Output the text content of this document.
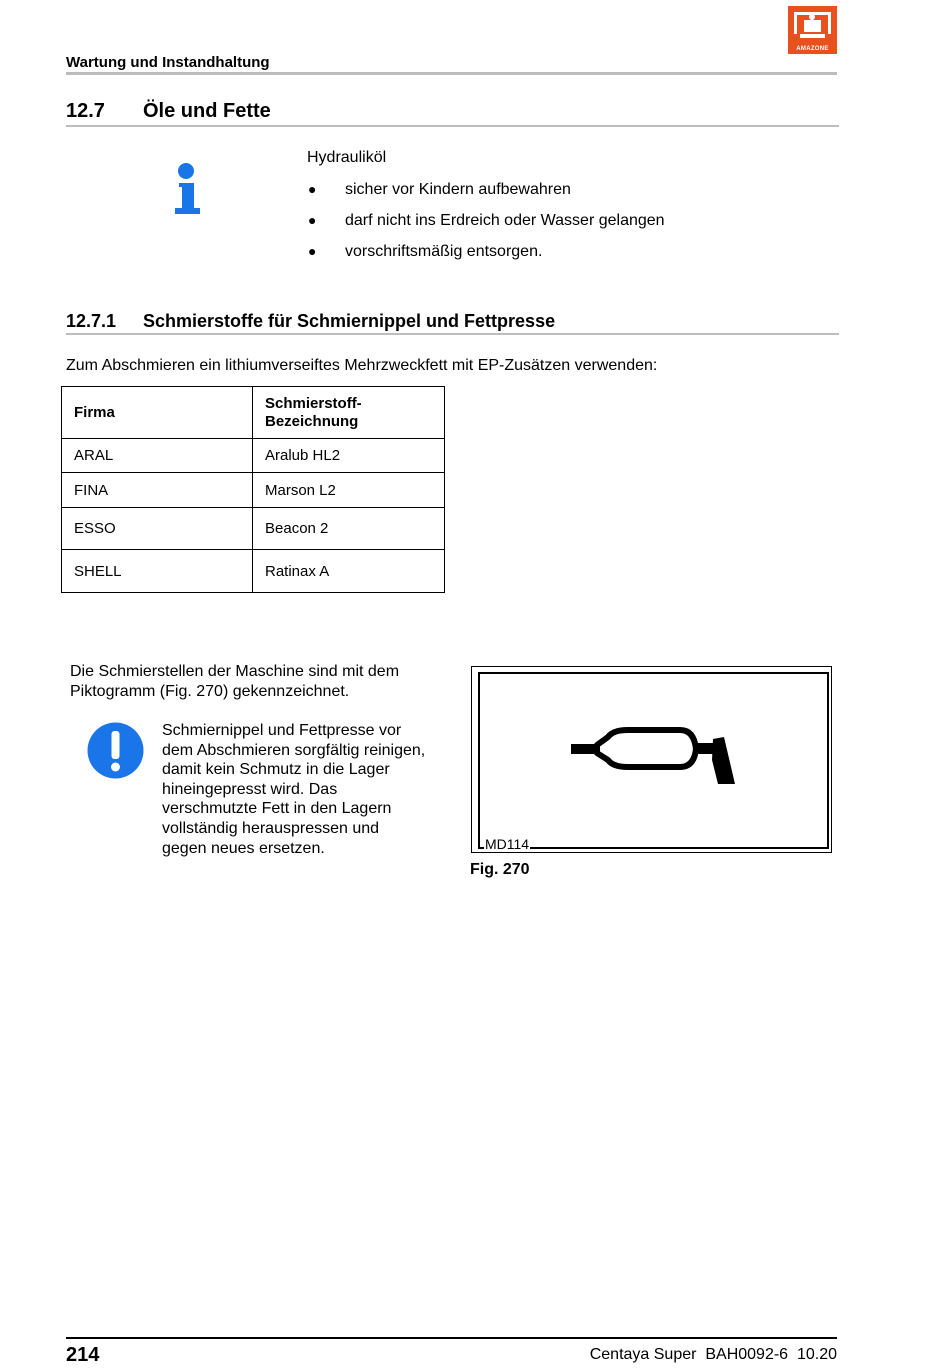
Wartung und Instandhaltung
AMAZONE
12.7 Öle und Fette
Hydrauliköl
● sicher vor Kindern aufbewahren
● darf nicht ins Erdreich oder Wasser gelangen
● vorschriftsmäßig entsorgen.
12.7.1 Schmierstoffe für Schmiernippel und Fettpresse
Zum Abschmieren ein lithiumverseiftes Mehrzweckfett mit EP-Zusätzen verwenden:
Firma	Schmierstoff-
Bezeichnung
ARAL	Aralub HL2
FINA	Marson L2
ESSO	Beacon 2
SHELL	Ratinax A
Die Schmierstellen der Maschine sind mit dem
Piktogramm (Fig. 270) gekennzeichnet.
Schmiernippel und Fettpresse vor
dem Abschmieren sorgfältig reinigen,
damit kein Schmutz in die Lager
hineingepresst wird. Das
verschmutzte Fett in den Lagern
vollständig herauspressen und
gegen neues ersetzen.	MD114
Fig. 270
214	Centaya Super  BAH0092-6  10.20
